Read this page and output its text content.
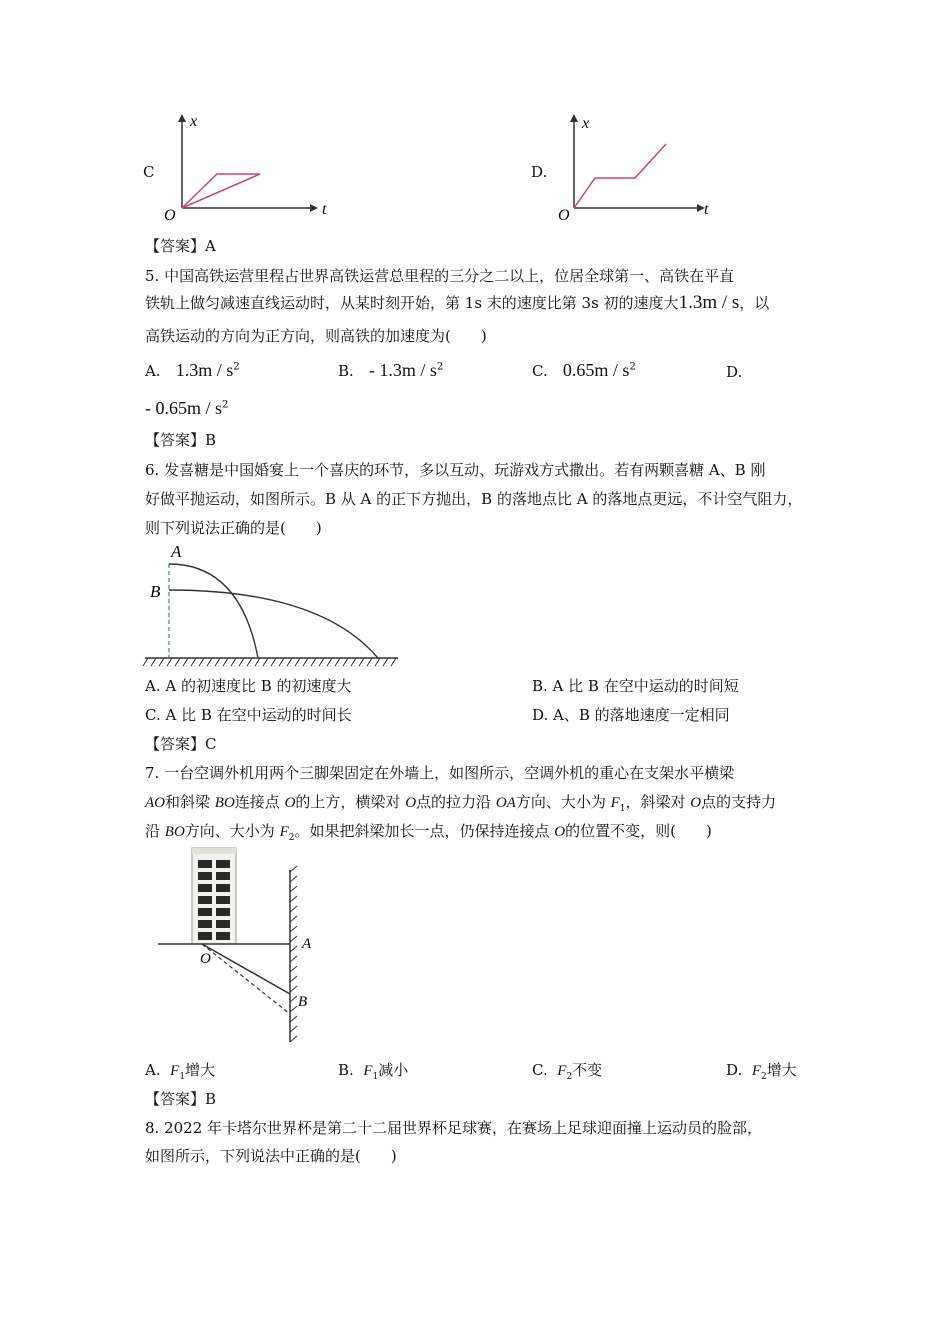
C
t
x
O
D.
t
x
O
【答案】A
5. 中国高铁运营里程占世界高铁运营总里程的三分之二以上，位居全球第一、高铁在平直
铁轨上做匀减速直线运动时，从某时刻开始，第 1s 末的速度比第 3s 初的速度大1.3m / s，以
高铁运动的方向为正方向，则高铁的加速度为(　　)
A. $1.3m / s^2$	B. - $1.3m / s^2$	C. $0.65m / s^2$	D.
- $0.65m / s^2$
【答案】B
6. 发喜糖是中国婚宴上一个喜庆的环节，多以互动、玩游戏方式撒出。若有两颗喜糖 A、B 刚
好做平抛运动，如图所示。B 从 A 的正下方抛出，B 的落地点比 A 的落地点更远，不计空气阻力，
则下列说法正确的是(　　)
A
B
A. A 的初速度比 B 的初速度大	B. A 比 B 在空中运动的时间短
C. A 比 B 在空中运动的时间长	D. A、B 的落地速度一定相同
【答案】C
7. 一台空调外机用两个三脚架固定在外墙上，如图所示，空调外机的重心在支架水平横梁
AO和斜梁 BO连接点 O的上方，横梁对 O点的拉力沿 OA方向、大小为 $F_1$，斜梁对 O点的支持力
沿 BO方向、大小为 $F_2$。如果把斜梁加长一点，仍保持连接点 O的位置不变，则(　　)
O
A
B
A. $F_1$增大	B. $F_1$减小	C. $F_2$不变	D. $F_2$增大
【答案】B
8. 2022 年卡塔尔世界杯是第二十二届世界杯足球赛，在赛场上足球迎面撞上运动员的脸部，
如图所示，下列说法中正确的是(　　)
